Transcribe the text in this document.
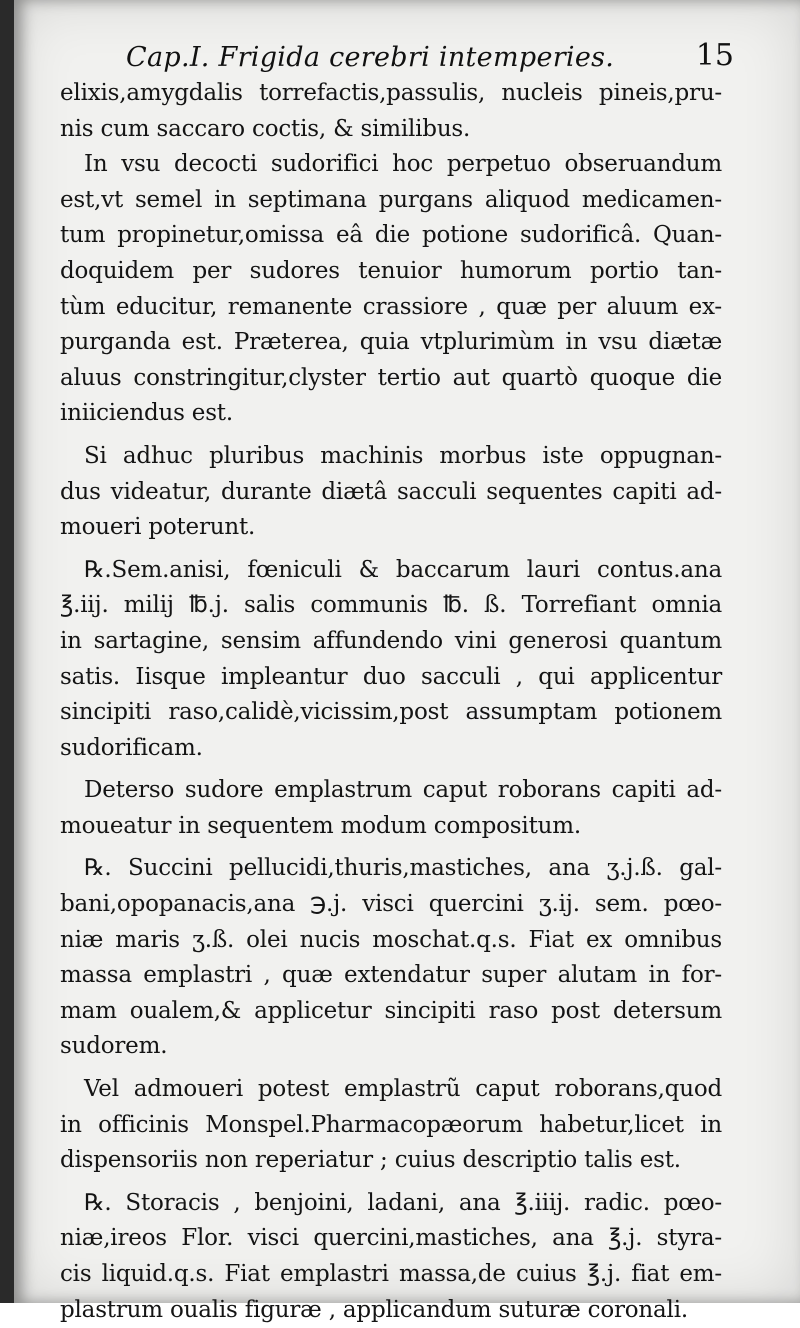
Cap.I. Frigida cerebri intemperies.	15
elixis,amygdalis torrefactis,passulis, nucleis pineis,pru-
nis cum saccaro coctis, & similibus.
In vsu decocti sudorifici hoc perpetuo obseruandum
est,vt semel in septimana purgans aliquod medicamen-
tum propinetur,omissa eâ die potione sudorificâ. Quan-
doquidem per sudores tenuior humorum portio tan-
tùm educitur, remanente crassiore , quæ per aluum ex-
purganda est. Præterea, quia vtplurimùm in vsu diætæ
aluus constringitur,clyster tertio aut quartò quoque die
iniiciendus est.
Si adhuc pluribus machinis morbus iste oppugnan-
dus videatur, durante diætâ sacculi sequentes capiti ad-
moueri poterunt.
℞.Sem.anisi, fœniculi & baccarum lauri contus.ana
℥.iij. milij ℔.j. salis communis ℔. ß. Torrefiant omnia
in sartagine, sensim affundendo vini generosi quantum
satis. Iisque impleantur duo sacculi , qui applicentur
sincipiti raso,calidè,vicissim,post assumptam potionem
sudorificam.
Deterso sudore emplastrum caput roborans capiti ad-
moueatur in sequentem modum compositum.
℞. Succini pellucidi,thuris,mastiches, ana ʒ.j.ß. gal-
bani,opopanacis,ana ℈.j. visci quercini ʒ.ij. sem. pœo-
niæ maris ʒ.ß. olei nucis moschat.q.s. Fiat ex omnibus
massa emplastri , quæ extendatur super alutam in for-
mam oualem,& applicetur sincipiti raso post detersum
sudorem.
Vel admoueri potest emplastrũ caput roborans,quod
in officinis Monspel.Pharmacopæorum habetur,licet in
dispensoriis non reperiatur ; cuius descriptio talis est.
℞. Storacis , benjoini, ladani, ana ℥.iiij. radic. pœo-
niæ,ireos Flor. visci quercini,mastiches, ana ℥.j. styra-
cis liquid.q.s. Fiat emplastri massa,de cuius ℥.j. fiat em-
plastrum oualis figuræ , applicandum suturæ coronali.
